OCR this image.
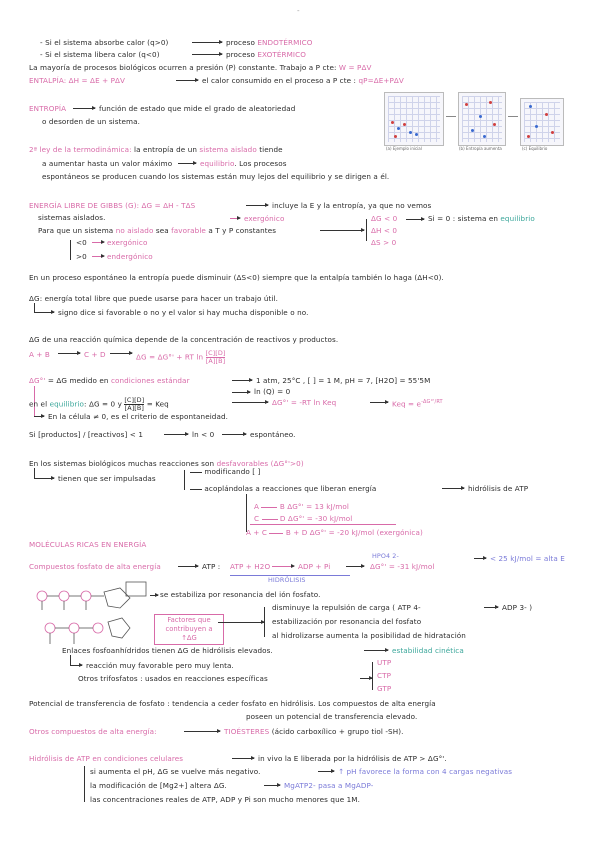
-
- Si el sistema absorbe calor (q>0)	proceso ENDOTÉRMICO
- Si el sistema libera calor (q<0)	proceso EXOTÉRMICO
La mayoría de procesos biológicos ocurren a presión (P) constante. Trabajo a P cte: W = PΔV
ENTALPÍA: ΔH = ΔE + PΔV	el calor consumido en el proceso a P cte : qP=ΔE+PΔV
ENTROPÍA	función de estado que mide el grado de aleatoriedad
o desorden de un sistema.
(a) Ejemplo inicial	(b) Entropía aumenta	(c) Equilibrio
2ª ley de la termodinámica: la entropía de un sistema aislado tiende
a aumentar hasta un valor máximo	equilibrio. Los procesos
espontáneos se producen cuando los sistemas están muy lejos del equilibrio y se dirigen a él.
ENERGÍA LIBRE DE GIBBS (G): ΔG = ΔH - TΔS	incluye la E y la entropía, ya que no vemos
sistemas aislados.	exergónico
Para que un sistema no aislado sea favorable a T y P constantes
ΔG < 0
ΔH < 0
ΔS > 0
Si = 0 : sistema en equilibrio
<0	exergónico
>0	endergónico
En un proceso espontáneo la entropía puede disminuir (ΔS<0) siempre que la entalpía también lo haga (ΔH<0).
ΔG: energía total libre que puede usarse para hacer un trabajo útil.
signo dice si favorable o no y el valor si hay mucha disponible o no.
ΔG de una reacción química depende de la concentración de reactivos y productos.
A + B	C + D	ΔG = ΔG°' + RT $\ln \frac{[C][D]}{[A][B]}$
ΔG°' = ΔG medido en condiciones estándar	1 atm, 25°C , [ ] = 1 M, pH = 7, [H2O] = 55'5M
en el equilibrio: ΔG = 0 y $\frac{[C][D]}{[A][B]}$ = Keq
ln (Q) = 0
ΔG°' = -RT ln Keq	Keq = $e^{-\Delta G^\circ'/RT}$
En la célula ≠ 0, es el criterio de espontaneidad.
Si [productos] / [reactivos] < 1	ln < 0	espontáneo.
En los sistemas biológicos muchas reacciones son desfavorables (ΔG°'>0)
tienen que ser impulsadas
modificando [ ]
acoplándolas a reacciones que liberan energía	hidrólisis de ATP
A	B ΔG°' = 13 kJ/mol
C	D ΔG°' = -30 kJ/mol
A + C	B + D ΔG°' = -20 kJ/mol (exergónica)
MOLÉCULAS RICAS EN ENERGÍA
Compuestos fosfato de alta energía	ATP : ATP + H2O	ADP + Pi
HPO4 2-
ΔG°' = -31 kJ/mol
< 25 kJ/mol = alta E
HIDRÓLISIS
se estabiliza por resonancia del ión fosfato.
Factores que contribuyen a ↑ΔG
disminuye la repulsión de carga ( ATP 4-	ADP 3- )
estabilización por resonancia del fosfato
al hidrolizarse aumenta la posibilidad de hidratación
Enlaces fosfoanhídridos tienen ΔG de hidrólisis elevados.	estabilidad cinética
reacción muy favorable pero muy lenta.
Otros trifosfatos : usados en reacciones específicas
UTP
CTP
GTP
Potencial de transferencia de fosfato : tendencia a ceder fosfato en hidrólisis. Los compuestos de alta energía
poseen un potencial de transferencia elevado.
Otros compuestos de alta energía:	TIOÉSTERES (ácido carboxílico + grupo tiol -SH).
Hidrólisis de ATP en condiciones celulares	in vivo la E liberada por la hidrólisis de ATP > ΔG°'.
si aumenta el pH, ΔG se vuelve más negativo.	↑ pH favorece la forma con 4 cargas negativas
la modificación de [Mg2+] altera ΔG.	MgATP2- pasa a MgADP-
las concentraciones reales de ATP, ADP y Pi son mucho menores que 1M.
